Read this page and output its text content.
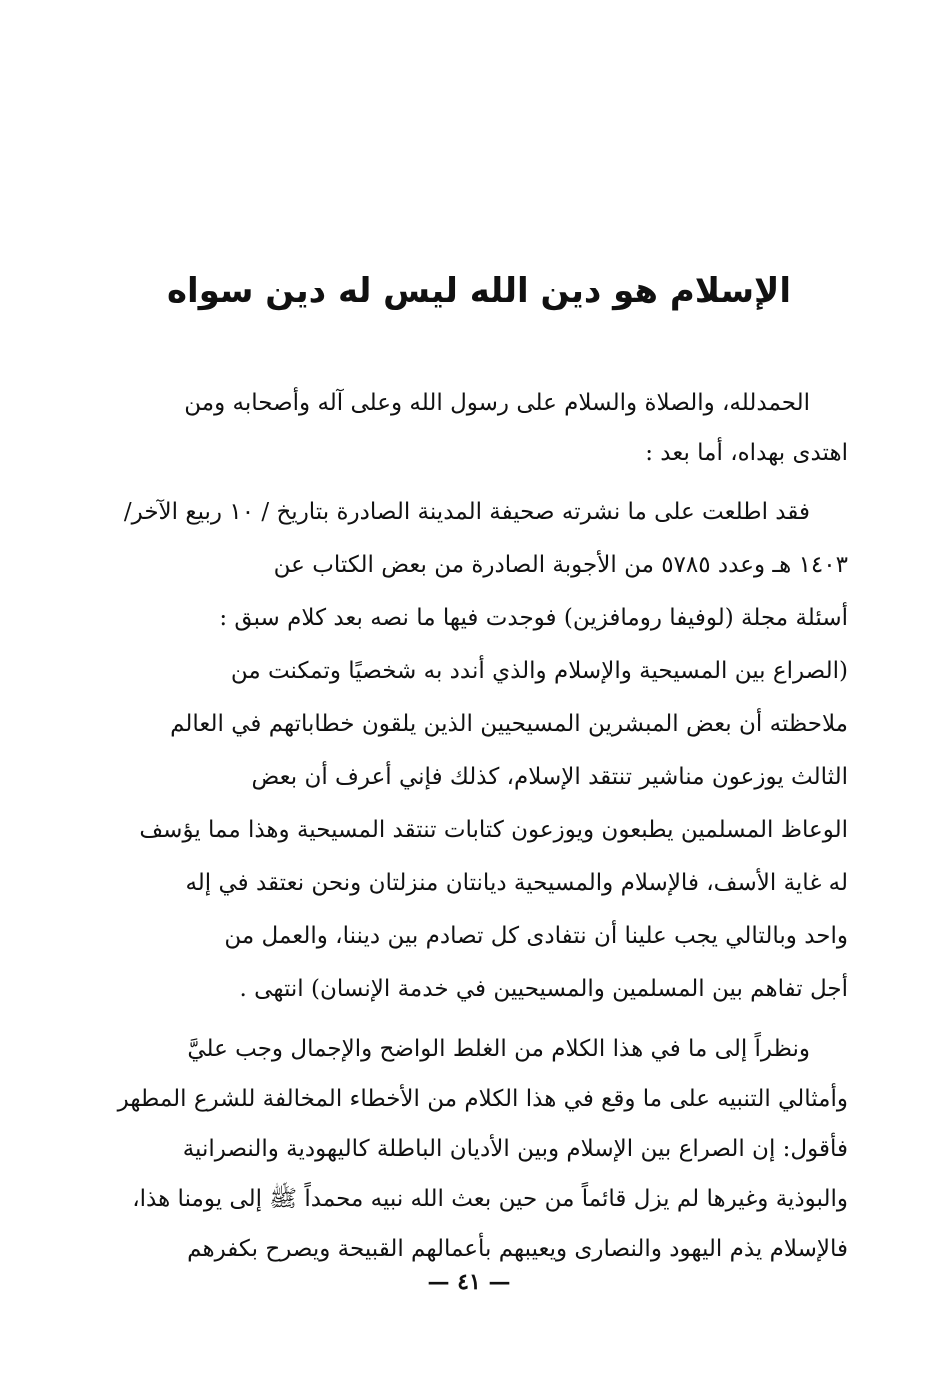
الإسلام هو دين الله ليس له دين سواه

الحمدلله، والصلاة والسلام على رسول الله وعلى آله وأصحابه ومن
اهتدى بهداه، أما بعد :

فقد اطلعت على ما نشرته صحيفة المدينة الصادرة بتاريخ / ١٠ ربيع الآخر/
١٤٠٣ هـ وعدد ٥٧٨٥ من الأجوبة الصادرة من بعض الكتاب عن
أسئلة مجلة (لوفيفا رومافزين) فوجدت فيها ما نصه بعد كلام سبق :
(الصراع بين المسيحية والإسلام والذي أندد به شخصيًا وتمكنت من
ملاحظته أن بعض المبشرين المسيحيين الذين يلقون خطاباتهم في العالم
الثالث يوزعون مناشير تنتقد الإسلام، كذلك فإني أعرف أن بعض
الوعاظ المسلمين يطبعون ويوزعون كتابات تنتقد المسيحية وهذا مما يؤسف
له غاية الأسف، فالإسلام والمسيحية ديانتان منزلتان ونحن نعتقد في إله
واحد وبالتالي يجب علينا أن نتفادى كل تصادم بين ديننا، والعمل من
أجل تفاهم بين المسلمين والمسيحيين في خدمة الإنسان) انتهى .

ونظراً إلى ما في هذا الكلام من الغلط الواضح والإجمال وجب عليَّ
وأمثالي التنبيه على ما وقع في هذا الكلام من الأخطاء المخالفة للشرع المطهر
فأقول: إن الصراع بين الإسلام وبين الأديان الباطلة كاليهودية والنصرانية
والبوذية وغيرها لم يزل قائماً من حين بعث الله نبيه محمداً ﷺ إلى يومنا هذا،
فالإسلام يذم اليهود والنصارى ويعيبهم بأعمالهم القبيحة ويصرح بكفرهم

— ٤١ —
